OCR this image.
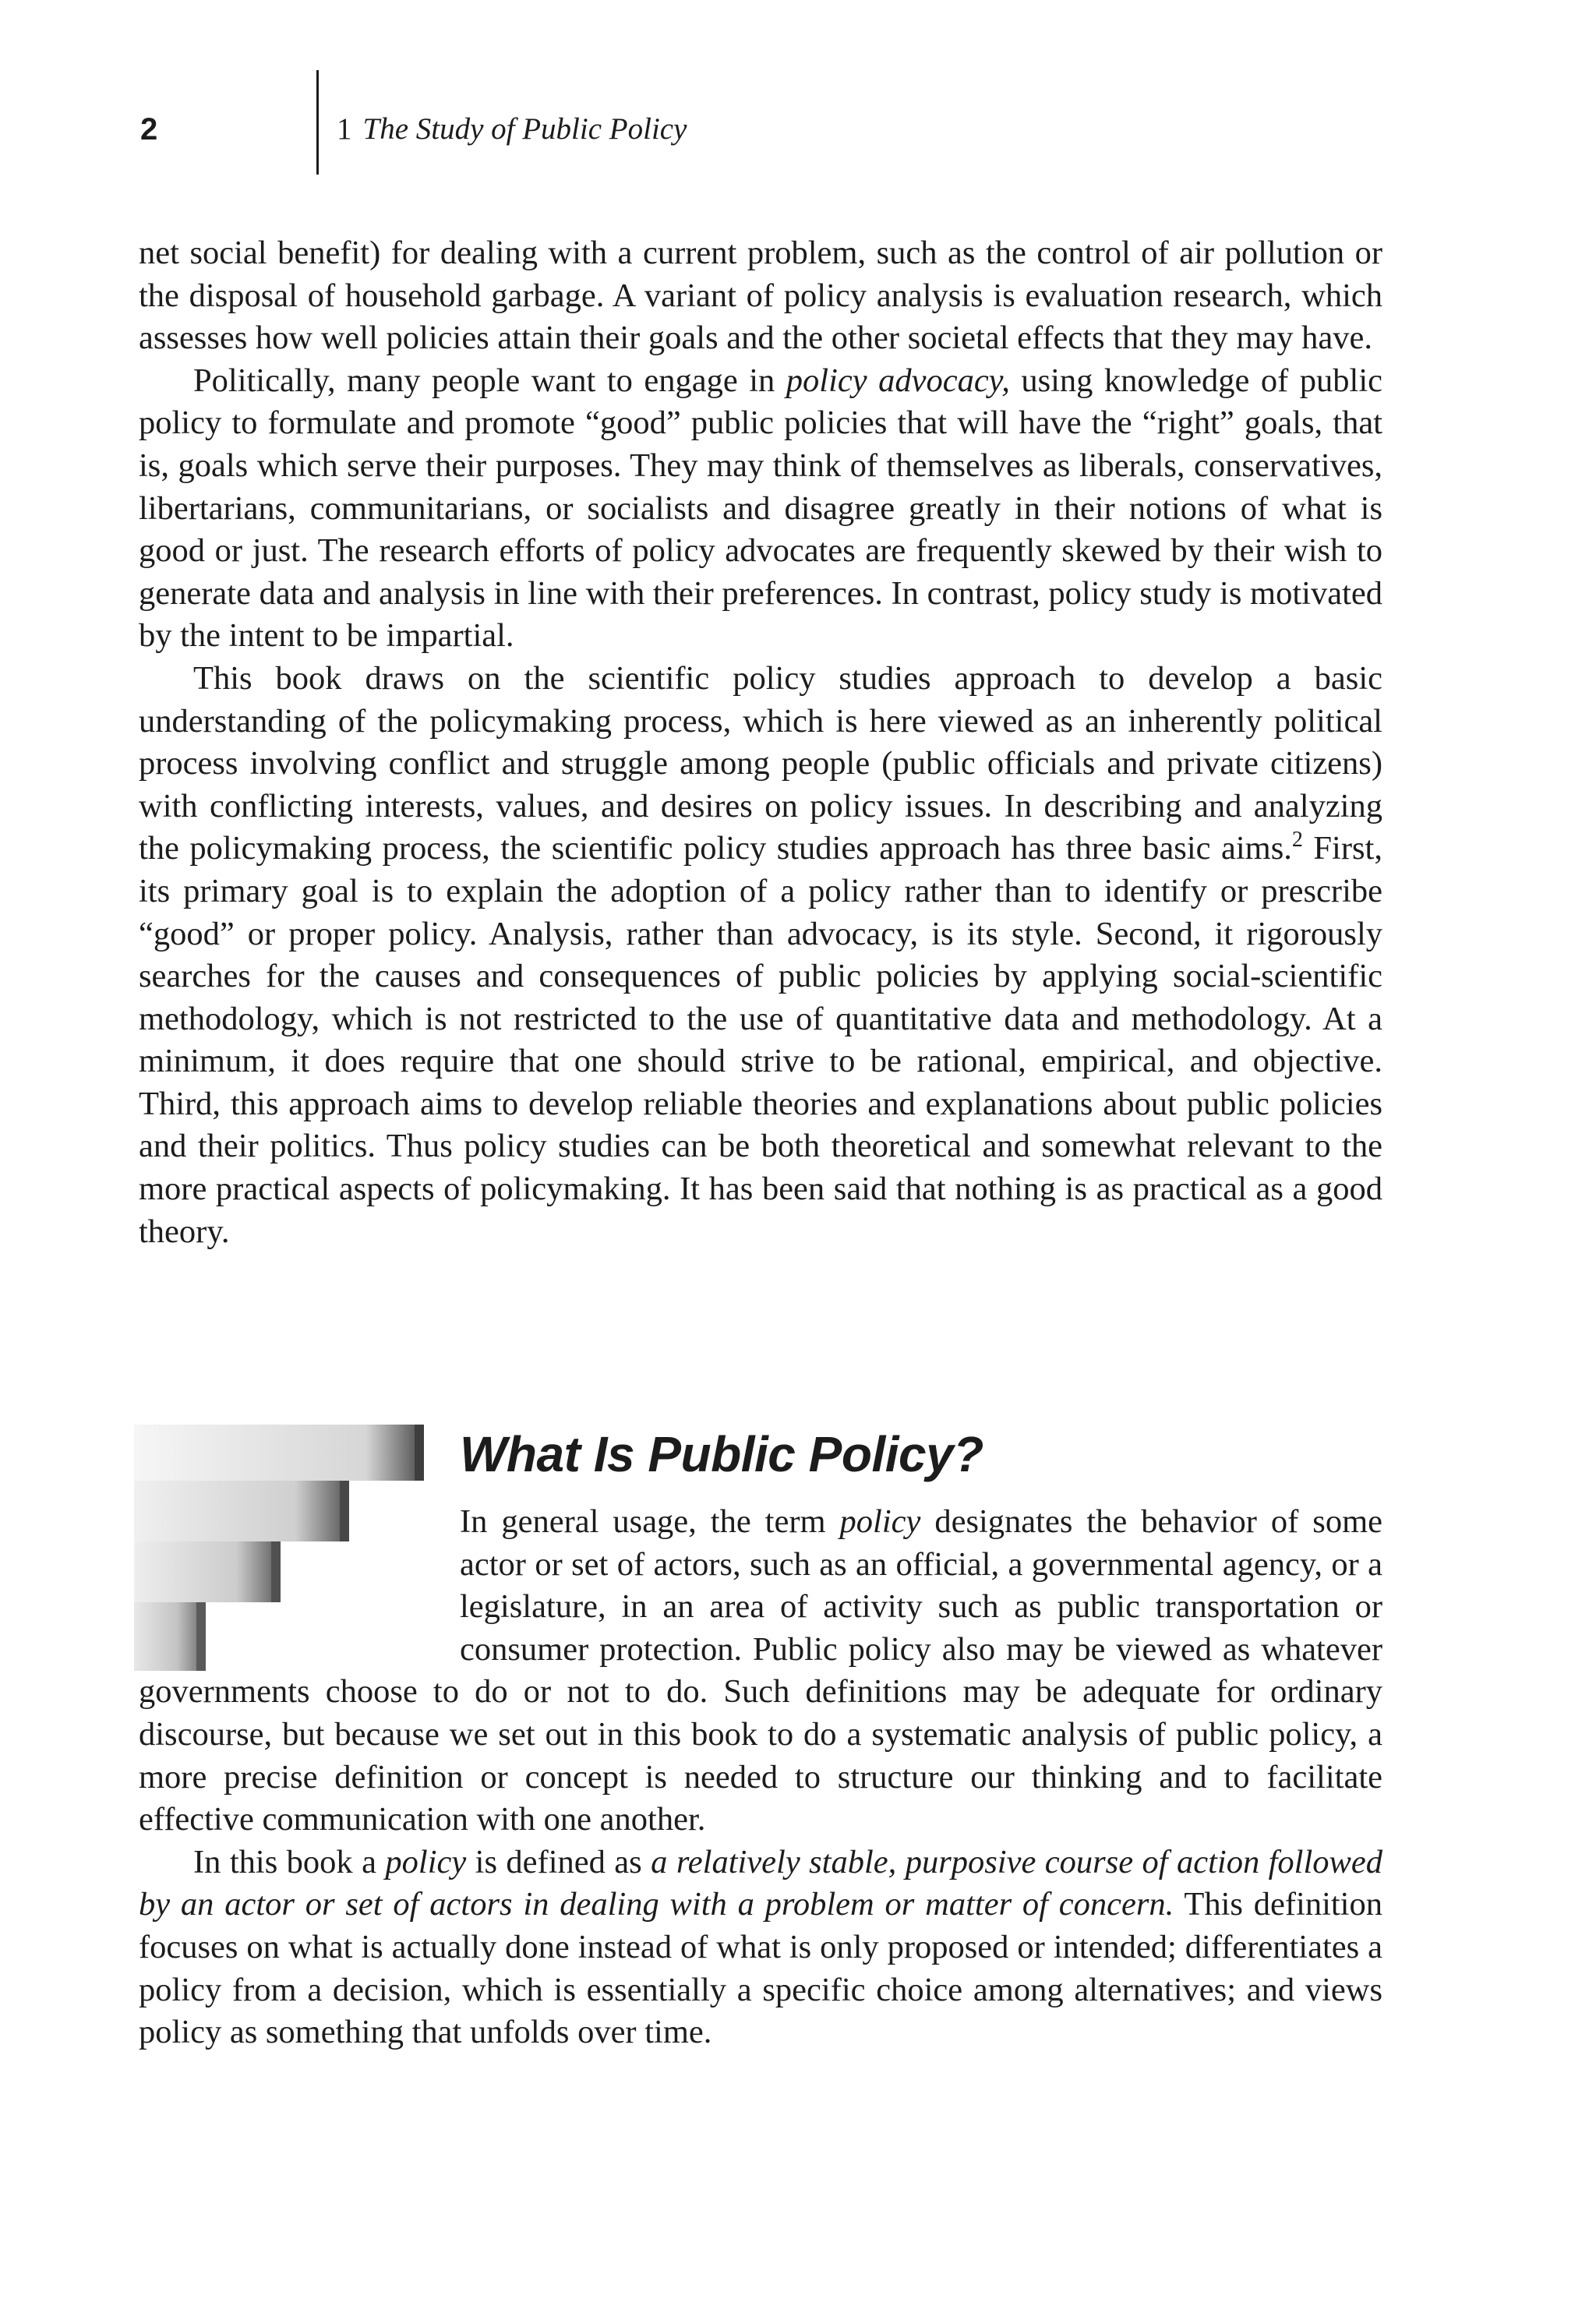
2	1 The Study of Public Policy

net social benefit) for dealing with a current problem, such as the control of air pollution or the disposal of household garbage. A variant of policy analysis is evaluation research, which assesses how well policies attain their goals and the other societal effects that they may have.

Politically, many people want to engage in policy advocacy, using knowledge of public policy to formulate and promote “good” public policies that will have the “right” goals, that is, goals which serve their purposes. They may think of themselves as liberals, conservatives, libertarians, communitarians, or socialists and disagree greatly in their notions of what is good or just. The research efforts of policy advocates are frequently skewed by their wish to generate data and analysis in line with their preferences. In contrast, policy study is motivated by the intent to be impartial.

This book draws on the scientific policy studies approach to develop a basic understanding of the policymaking process, which is here viewed as an inherently political process involving conflict and struggle among people (public officials and private citizens) with conflicting interests, values, and desires on policy issues. In describing and analyzing the policymaking process, the scientific policy studies approach has three basic aims.$^2$ First, its primary goal is to explain the adoption of a policy rather than to identify or prescribe “good” or proper policy. Analysis, rather than advocacy, is its style. Second, it rigorously searches for the causes and consequences of public policies by applying social-scientific methodology, which is not restricted to the use of quantitative data and methodology. At a minimum, it does require that one should strive to be rational, empirical, and objective. Third, this approach aims to develop reliable theories and explanations about public policies and their politics. Thus policy studies can be both theoretical and somewhat relevant to the more practical aspects of policymaking. It has been said that nothing is as practical as a good theory.

What Is Public Policy?

In general usage, the term policy designates the behavior of some actor or set of actors, such as an official, a governmental agency, or a legislature, in an area of activity such as public transportation or consumer protection. Public policy also may be viewed as whatever governments choose to do or not to do. Such definitions may be adequate for ordinary discourse, but because we set out in this book to do a systematic analysis of public policy, a more precise definition or concept is needed to structure our thinking and to facilitate effective communication with one another.

In this book a policy is defined as a relatively stable, purposive course of action followed by an actor or set of actors in dealing with a problem or matter of concern. This definition focuses on what is actually done instead of what is only proposed or intended; differentiates a policy from a decision, which is essentially a specific choice among alternatives; and views policy as something that unfolds over time.
